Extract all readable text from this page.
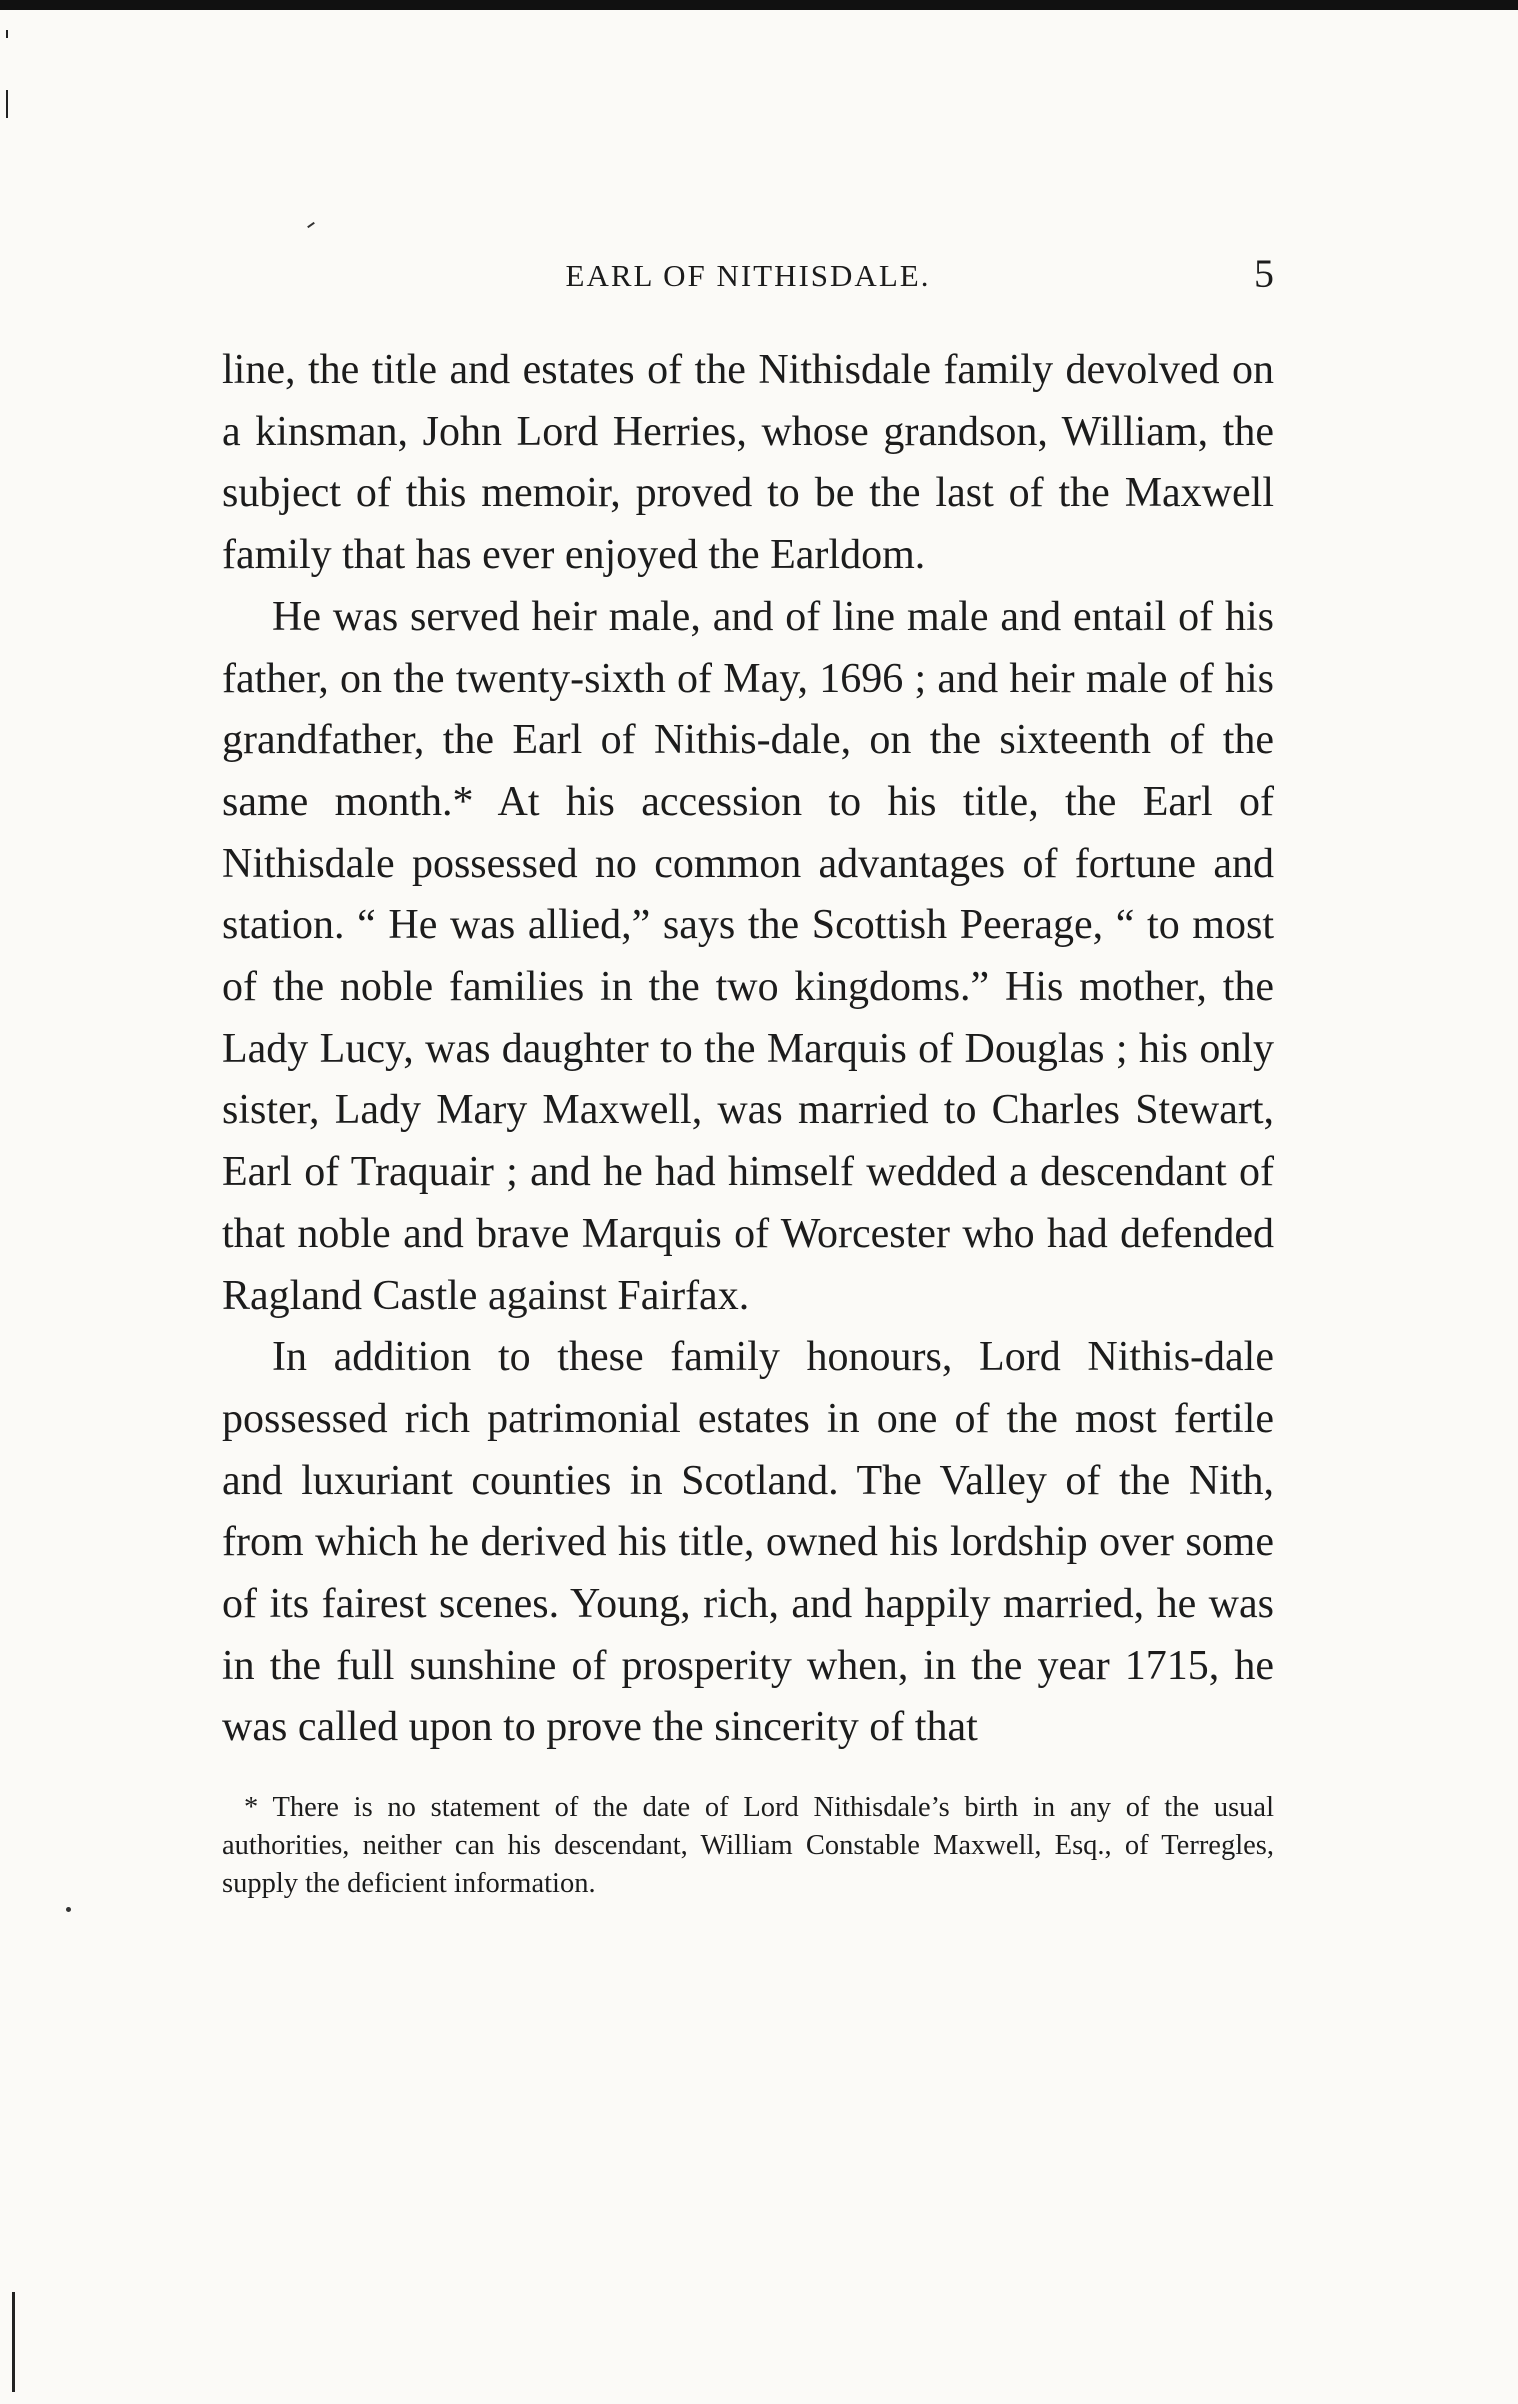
EARL OF NITHISDALE.	5

line, the title and estates of the Nithisdale family devolved on a kinsman, John Lord Herries, whose grandson, William, the subject of this memoir, proved to be the last of the Maxwell family that has ever enjoyed the Earldom.

He was served heir male, and of line male and entail of his father, on the twenty-sixth of May, 1696 ; and heir male of his grandfather, the Earl of Nithis-dale, on the sixteenth of the same month.* At his accession to his title, the Earl of Nithisdale possessed no common advantages of fortune and station. “ He was allied,” says the Scottish Peerage, “ to most of the noble families in the two kingdoms.” His mother, the Lady Lucy, was daughter to the Marquis of Douglas ; his only sister, Lady Mary Maxwell, was married to Charles Stewart, Earl of Traquair ; and he had himself wedded a descendant of that noble and brave Marquis of Worcester who had defended Ragland Castle against Fairfax.

In addition to these family honours, Lord Nithis-dale possessed rich patrimonial estates in one of the most fertile and luxuriant counties in Scotland. The Valley of the Nith, from which he derived his title, owned his lordship over some of its fairest scenes. Young, rich, and happily married, he was in the full sunshine of prosperity when, in the year 1715, he was called upon to prove the sincerity of that

* There is no statement of the date of Lord Nithisdale’s birth in any of the usual authorities, neither can his descendant, William Constable Maxwell, Esq., of Terregles, supply the deficient information.
